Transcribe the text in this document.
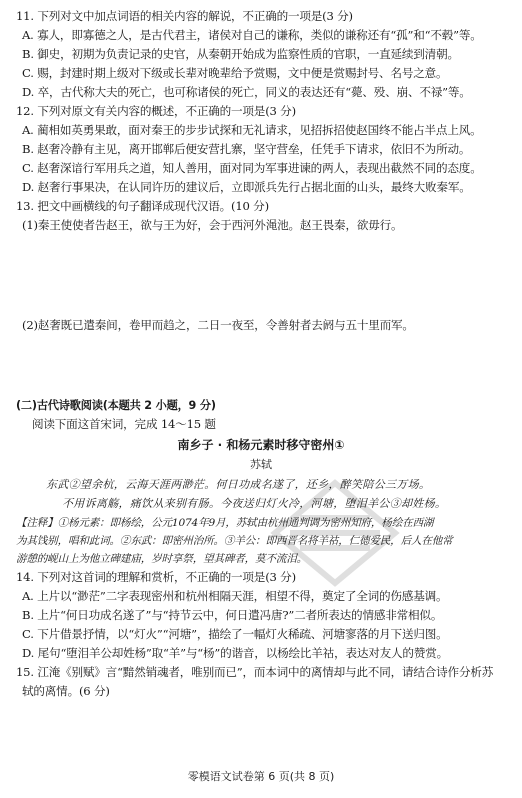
11. 下列对文中加点词语的相关内容的解说，不正确的一项是(3 分)
A. 寡人，即寡德之人，是古代君主，诸侯对自己的谦称，类似的谦称还有“孤”和“不毂”等。
B. 御史，初期为负责记录的史官，从秦朝开始成为监察性质的官职，一直延续到清朝。
C. 赐，封建时期上级对下级或长辈对晚辈给予赏赐，文中便是赏赐封号、名号之意。
D. 卒，古代称大夫的死亡，也可称诸侯的死亡，同义的表达还有“薨、殁、崩、不禄”等。
12. 下列对原文有关内容的概述，不正确的一项是(3 分)
A. 蔺相如英勇果敢，面对秦王的步步试探和无礼请求，见招拆招使赵国终不能占半点上风。
B. 赵奢冷静有主见，离开邯郸后便安营扎寨，坚守营垒，任凭手下请求，依旧不为所动。
C. 赵奢深谙行军用兵之道，知人善用，面对同为军事进谏的两人，表现出截然不同的态度。
D. 赵奢行事果决，在认同许历的建议后，立即派兵先行占据北面的山头，最终大败秦军。
13. 把文中画横线的句子翻译成现代汉语。(10 分)
(1)秦王使使者告赵王，欲与王为好，会于西河外渑池。赵王畏秦，欲毋行。
(2)赵奢既已遣秦间，卷甲而趋之，二日一夜至，令善射者去阏与五十里而军。
(二)古代诗歌阅读(本题共 2 小题，9 分)
阅读下面这首宋词，完成 14～15 题
南乡子 · 和杨元素时移守密州①
苏轼
东武②望余杭，云海天涯两渺茫。何日功成名遂了，还乡，醉笑陪公三万场。
不用诉离觞，痛饮从来别有肠。今夜送归灯火冷，河塘，堕泪羊公③却姓杨。
【注释】①杨元素：即杨绘，公元1074年9月，苏轼由杭州通判调为密州知府，杨绘在西湖
为其饯别，唱和此词。②东武：即密州治所。③羊公：即西晋名将羊祜，仁德爱民，后人在他常
游憩的岘山上为他立碑建庙，岁时享祭，望其碑者，莫不流泪。
14. 下列对这首词的理解和赏析，不正确的一项是(3 分)
A. 上片以“渺茫”二字表现密州和杭州相隔天涯，相望不得，奠定了全词的伤感基调。
B. 上片“何日功成名遂了”与“持节云中，何日遣冯唐?”二者所表达的情感非常相似。
C. 下片借景抒情，以“灯火”“河塘”，描绘了一幅灯火稀疏、河塘寥落的月下送归图。
D. 尾句“堕泪羊公却姓杨”取“羊”与“杨”的谐音，以杨绘比羊祜，表达对友人的赞赏。
15. 江淹《别赋》言“黯然销魂者，唯别而已”，而本词中的离情却与此不同，请结合诗作分析苏
轼的离情。(6 分)
零模语文试卷第 6 页(共 8 页)
